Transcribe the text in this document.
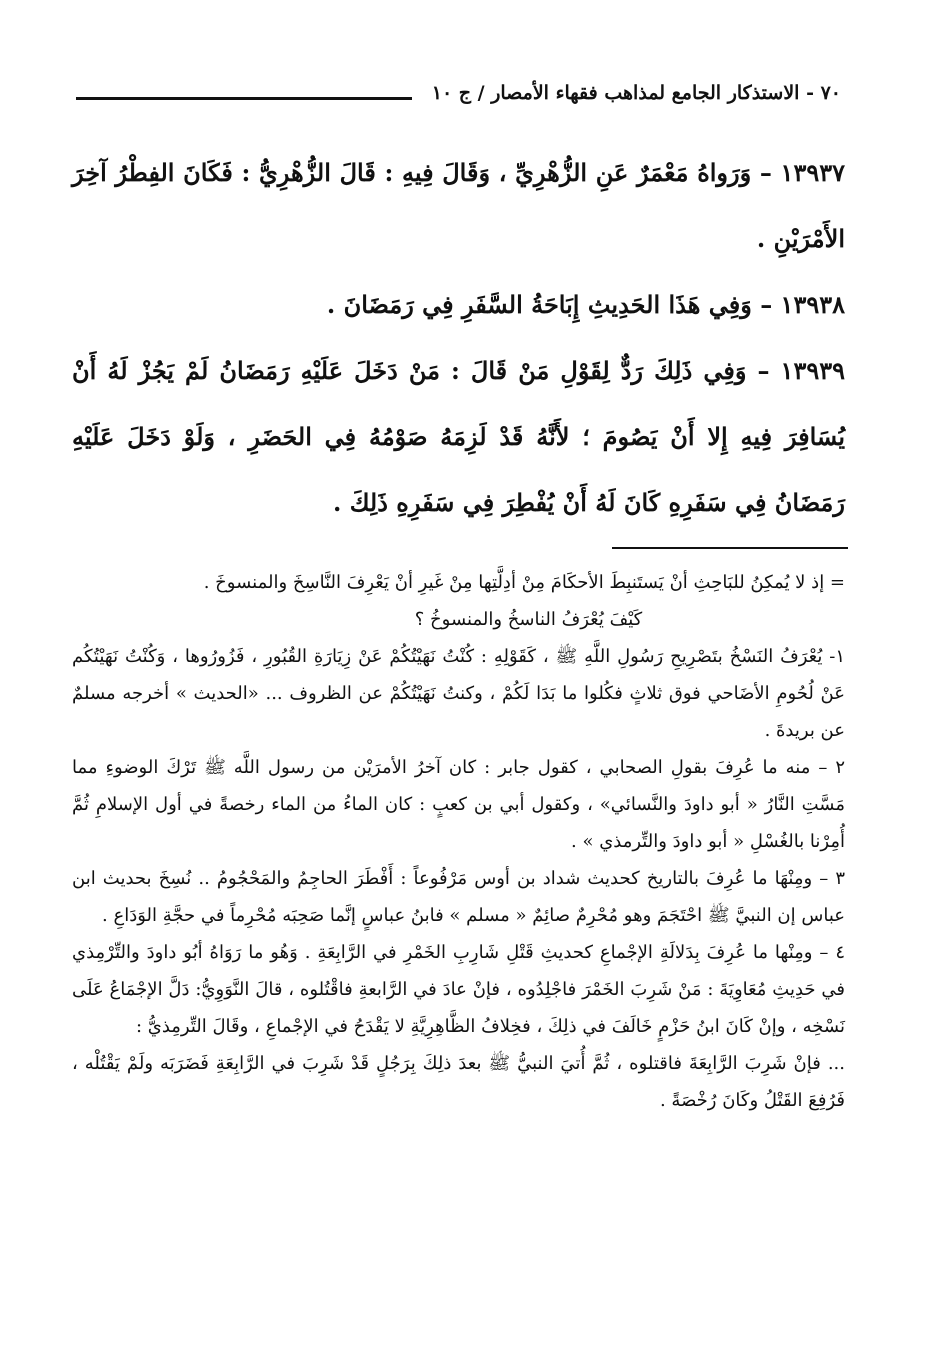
٧٠ - الاستذكار الجامع لمذاهب فقهاء الأمصار / ج ١٠

١٣٩٣٧ – وَرَواهُ مَعْمَرٌ عَنِ الزُّهْرِيِّ ، وَقَالَ فِيهِ : قَالَ الزُّهْرِيُّ : فَكَانَ الفِطْرُ آخِرَ الأَمْرَيْنِ .

١٣٩٣٨ – وَفِي هَذَا الحَدِيثِ إِبَاحَةُ السَّفَرِ فِي رَمَضَانَ .

١٣٩٣٩ – وَفِي ذَلِكَ رَدٌّ لِقَوْلِ مَنْ قَالَ : مَنْ دَخَلَ عَلَيْهِ رَمَضَانُ لَمْ يَجُزْ لَهُ أَنْ يُسَافِرَ فِيهِ إِلا أَنْ يَصُومَ ؛ لأَنَّهُ قَدْ لَزِمَهُ صَوْمُهُ فِي الحَضَرِ ، وَلَوْ دَخَلَ عَلَيْهِ رَمَضَانُ فِي سَفَرِهِ كَانَ لَهُ أَنْ يُفْطِرَ فِي سَفَرِهِ ذَلِكَ .

= إذ لا يُمكِنُ للبَاحِثِ أنْ يَستَنبِطَ الأحكَامَ مِنْ أدِلَّتِها مِنْ غَيرِ أنْ يَعْرِفَ النَّاسِخَ والمنسوخَ .

كَيْفَ يُعْرَفُ الناسخُ والمنسوخُ ؟

١- يُعْرَفُ النَسْخُ بتَصْرِيحِ رَسُولِ اللَّهِ ﷺ ، كَقَوْلِهِ : كُنْتُ نَهَيْتُكُمْ عَنْ زِيَارَةِ القُبُورِ ، فَزُورُوها ، وَكُنْتُ نَهَيْتُكُم عَنْ لُحُومِ الأضَاحي فوق ثلاثٍ فكُلوا ما بَدَا لَكُمْ ، وكنتُ نَهَيْتُكُمْ عن الظروف ... «الحديث » أخرجه مسلمٌ عن بريدةَ .

٢ – منه ما عُرِفَ بقولِ الصحابي ، كقول جابر : كان آخرُ الأمرَيْن من رسول اللَّه ﷺ تَرْكَ الوضوءِ مما مَسَّتِ النَّارُ « أبو داودَ والنَّسائي» ، وكقول أبي بن كعبٍ : كان الماءُ من الماء رخصةً في أول الإسلامِ ثُمَّ أُمِرْنا بالغُسْلِ « أبو داودَ والتِّرمذي » .

٣ – ومِنْهَا ما عُرِفَ بالتاريخ كحديث شداد بن أوس مَرْفُوعاً : أَفْطَرَ الحاجِمُ والمَحْجُومُ .. نُسِخَ بحديث ابن عباس إن النبيَّ ﷺ احْتَجَمَ وهو مُحْرِمٌ صائِمٌ « مسلم » فابنُ عباسٍ إنَّما صَحِبَه مُحْرِماً في حجَّةِ الوَدَاعِ .

٤ – ومِنْها ما عُرِفَ بِدَلالَةِ الإجْماعِ كحديثِ قَتْلِ شَارِبِ الخَمْرِ في الرَّابِعَةِ . وَهُو ما رَوَاهُ أبُو داودَ والتِّرْمِذي في حَدِيثِ مُعَاوِيَةَ : مَنْ شَرِبَ الخَمْرَ فاجْلِدُوه ، فإنْ عادَ في الرَّابعةِ فاقْتُلوه ، قالَ النَّوَوِيُّ: دَلَّ الإجْمَاعُ عَلَى نَسْخِه ، وإنْ كَانَ ابنُ حَزْمٍ خَالَفَ في ذلِكَ ، فخِلافُ الظَّاهِرِيَّةِ لا يَقْدَحُ في الإجْماعِ ، وقَالَ التِّرمِذيُّ :

... فإنْ شَرِبَ الرَّابِعَةَ فاقتلوه ، ثُمَّ أُتيَ النبيُّ ﷺ بعدَ ذلِكَ بِرَجُلٍ قَدْ شَرِبَ في الرَّابِعَةِ فَضَرَبَه ولَمْ يَقْتُلْه ، فَرُفِعَ القَتْلُ وكَانَ رُخْصَةً .
